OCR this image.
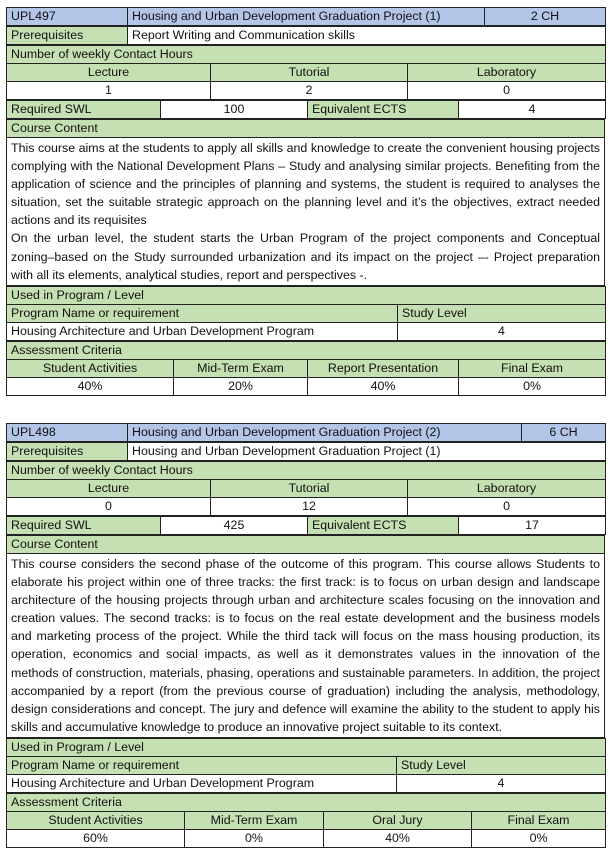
UPL497	Housing and Urban Development Graduation Project (1)	2 CH
Prerequisites	Report Writing and Communication skills
Number of weekly Contact Hours		
Lecture	Tutorial	Laboratory
1	2	0
Required SWL	100	Equivalent ECTS	4
Course Content

This course aims at the students to apply all skills and knowledge to create the convenient housing projects complying with the National Development Plans – Study and analysing similar projects. Benefiting from the application of science and the principles of planning and systems, the student is required to analyses the situation, set the suitable strategic approach on the planning level and it’s the objectives, extract needed actions and its requisites
On the urban level, the student starts the Urban Program of the project components and Conceptual zoning–based on the Study surrounded urbanization and its impact on the project –- Project preparation with all its elements, analytical studies, report and perspectives -.
Used in Program / Level	
Program Name or requirement	Study Level
Housing Architecture and Urban Development Program	4
Assessment Criteria			
Student Activities	Mid-Term Exam	Report Presentation	Final Exam
40%	20%	40%	0%
UPL498	Housing and Urban Development Graduation Project (2)	6 CH
Prerequisites	Housing and Urban Development Graduation Project (1)
Number of weekly Contact Hours		
Lecture	Tutorial	Laboratory
0	12	0
Required SWL	425	Equivalent ECTS	17
Course Content

This course considers the second phase of the outcome of this program. This course allows Students to elaborate his project within one of three tracks: the first track: is to focus on urban design and landscape architecture of the housing projects through urban and architecture scales focusing on the innovation and creation values. The second tracks: is to focus on the real estate development and the business models and marketing process of the project. While the third tack will focus on the mass housing production, its operation, economics and social impacts, as well as it demonstrates values in the innovation of the methods of construction, materials, phasing, operations and sustainable parameters. In addition, the project accompanied by a report (from the previous course of graduation) including the analysis, methodology, design considerations and concept. The jury and defence will examine the ability to the student to apply his skills and accumulative knowledge to produce an innovative project suitable to its context.
Used in Program / Level	
Program Name or requirement	Study Level
Housing Architecture and Urban Development Program	4
Assessment Criteria			
Student Activities	Mid-Term Exam	Oral Jury	Final Exam
60%	0%	40%	0%
